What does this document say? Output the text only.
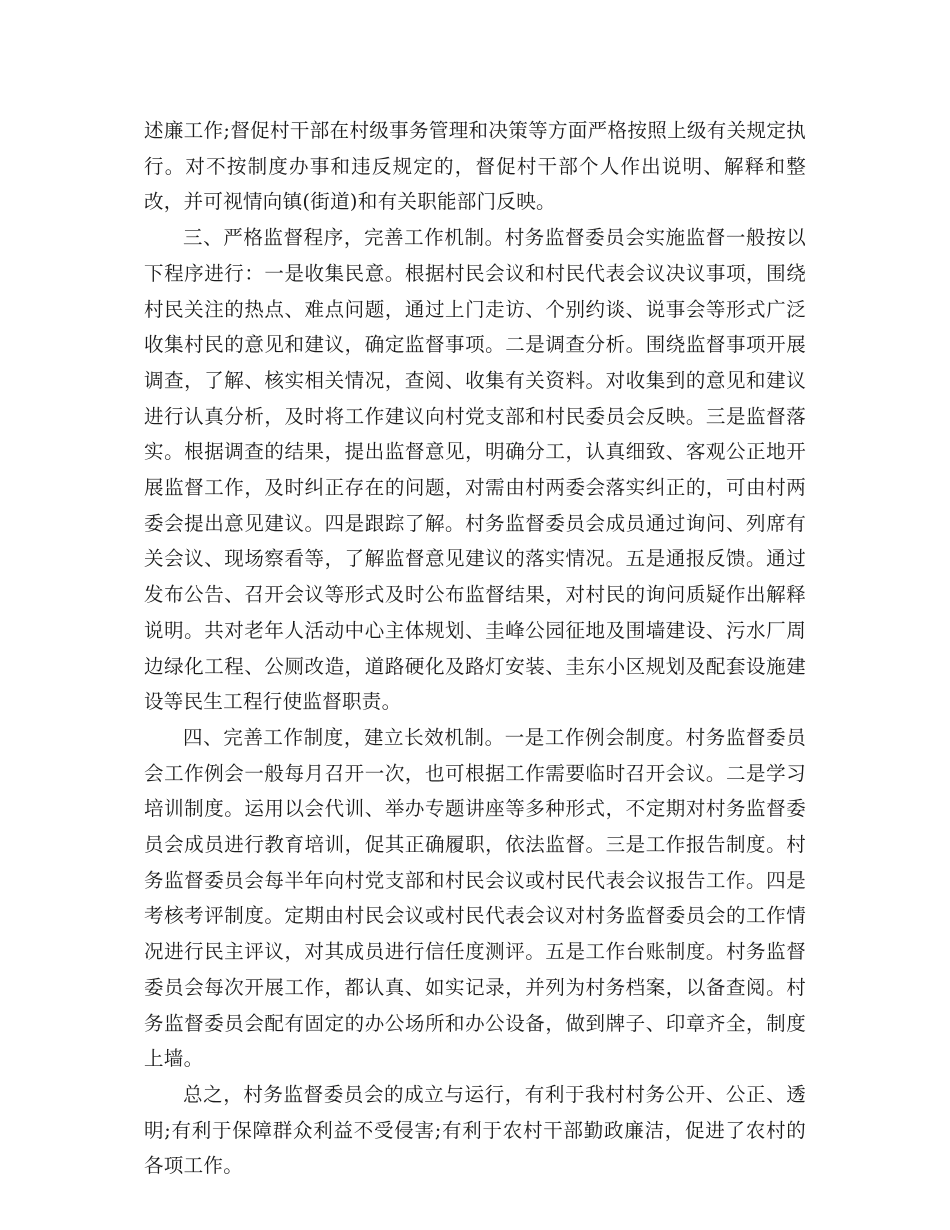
述廉工作;督促村干部在村级事务管理和决策等方面严格按照上级有关规定执行。对不按制度办事和违反规定的，督促村干部个人作出说明、解释和整改，并可视情向镇(街道)和有关职能部门反映。

三、严格监督程序，完善工作机制。村务监督委员会实施监督一般按以下程序进行：一是收集民意。根据村民会议和村民代表会议决议事项，围绕村民关注的热点、难点问题，通过上门走访、个别约谈、说事会等形式广泛收集村民的意见和建议，确定监督事项。二是调查分析。围绕监督事项开展调查，了解、核实相关情况，查阅、收集有关资料。对收集到的意见和建议进行认真分析，及时将工作建议向村党支部和村民委员会反映。三是监督落实。根据调查的结果，提出监督意见，明确分工，认真细致、客观公正地开展监督工作，及时纠正存在的问题，对需由村两委会落实纠正的，可由村两委会提出意见建议。四是跟踪了解。村务监督委员会成员通过询问、列席有关会议、现场察看等，了解监督意见建议的落实情况。五是通报反馈。通过发布公告、召开会议等形式及时公布监督结果，对村民的询问质疑作出解释说明。共对老年人活动中心主体规划、圭峰公园征地及围墙建设、污水厂周边绿化工程、公厕改造，道路硬化及路灯安装、圭东小区规划及配套设施建设等民生工程行使监督职责。

四、完善工作制度，建立长效机制。一是工作例会制度。村务监督委员会工作例会一般每月召开一次，也可根据工作需要临时召开会议。二是学习培训制度。运用以会代训、举办专题讲座等多种形式，不定期对村务监督委员会成员进行教育培训，促其正确履职，依法监督。三是工作报告制度。村务监督委员会每半年向村党支部和村民会议或村民代表会议报告工作。四是考核考评制度。定期由村民会议或村民代表会议对村务监督委员会的工作情况进行民主评议，对其成员进行信任度测评。五是工作台账制度。村务监督委员会每次开展工作，都认真、如实记录，并列为村务档案，以备查阅。村务监督委员会配有固定的办公场所和办公设备，做到牌子、印章齐全，制度上墙。

总之，村务监督委员会的成立与运行，有利于我村村务公开、公正、透明;有利于保障群众利益不受侵害;有利于农村干部勤政廉洁，促进了农村的各项工作。
